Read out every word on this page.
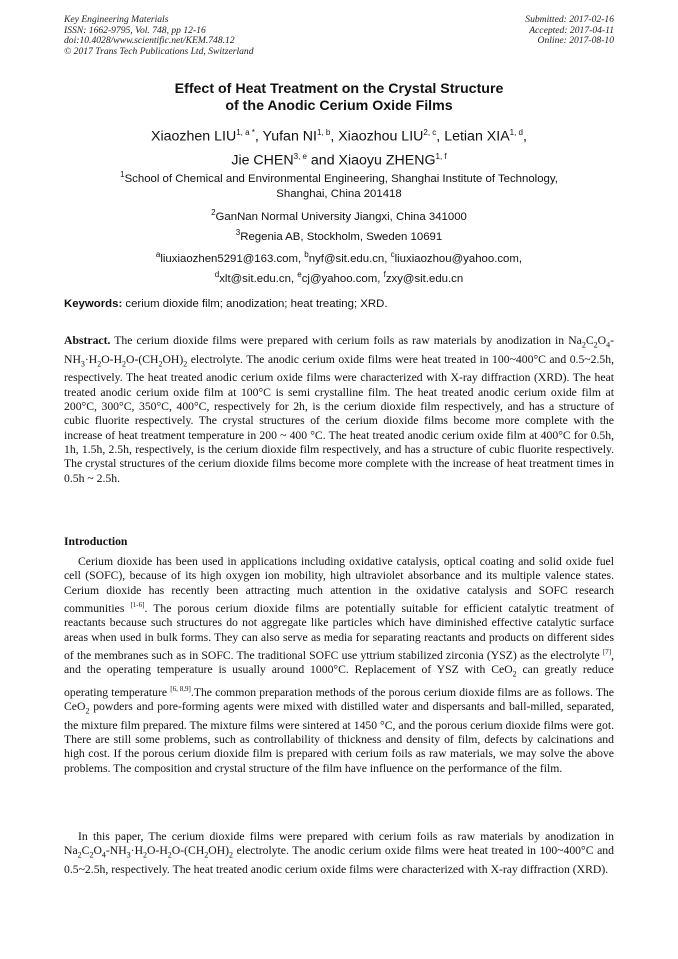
Key Engineering Materials
ISSN: 1662-9795, Vol. 748, pp 12-16
doi:10.4028/www.scientific.net/KEM.748.12
© 2017 Trans Tech Publications Ltd, Switzerland
Submitted: 2017-02-16
Accepted: 2017-04-11
Online: 2017-08-10
Effect of Heat Treatment on the Crystal Structure
of the Anodic Cerium Oxide Films
Xiaozhen $LIU^{1, a *}$, Yufan NI$^{1, b}$, Xiaozhou LIU$^{2, c}$, Letian XIA$^{1, d}$,
Jie CHEN$^{3, e}$ and Xiaoyu ZHENG$^{1, f}$
$^1$School of Chemical and Environmental Engineering, Shanghai Institute of Technology,
Shanghai, China 201418
$^2$GanNan Normal University Jiangxi, China 341000
$^3$Regenia AB, Stockholm, Sweden 10691
$^a$liuxiaozhen5291@163.com, $^b$nyf@sit.edu.cn, $^c$liuxiaozhou@yahoo.com,
$^d$xlt@sit.edu.cn, $^e$cj@yahoo.com, $^f$zxy@sit.edu.cn
Keywords: cerium dioxide film; anodization; heat treating; XRD.
Abstract. The cerium dioxide films were prepared with cerium foils as raw materials by anodization in $Na_2C_2O_4-NH_3\cdot H_2O-H_2O-(CH_2OH)_2$ electrolyte. The anodic cerium oxide films were heat treated in 100~400°C and 0.5~2.5h, respectively. The heat treated anodic cerium oxide films were characterized with X-ray diffraction (XRD). The heat treated anodic cerium oxide film at 100°C is semi crystalline film. The heat treated anodic cerium oxide film at 200°C, 300°C, 350°C, 400°C, respectively for 2h, is the cerium dioxide film respectively, and has a structure of cubic fluorite respectively. The crystal structures of the cerium dioxide films become more complete with the increase of heat treatment temperature in 200 ~ 400 °C. The heat treated anodic cerium oxide film at 400°C for 0.5h, 1h, 1.5h, 2.5h, respectively, is the cerium dioxide film respectively, and has a structure of cubic fluorite respectively. The crystal structures of the cerium dioxide films become more complete with the increase of heat treatment times in 0.5h ~ 2.5h.
Introduction
Cerium dioxide has been used in applications including oxidative catalysis, optical coating and solid oxide fuel cell (SOFC), because of its high oxygen ion mobility, high ultraviolet absorbance and its multiple valence states. Cerium dioxide has recently been attracting much attention in the oxidative catalysis and SOFC research communities [1-6]. The porous cerium dioxide films are potentially suitable for efficient catalytic treatment of reactants because such structures do not aggregate like particles which have diminished effective catalytic surface areas when used in bulk forms. They can also serve as media for separating reactants and products on different sides of the membranes such as in SOFC. The traditional SOFC use yttrium stabilized zirconia (YSZ) as the electrolyte [7], and the operating temperature is usually around 1000°C. Replacement of YSZ with CeO$_2$ can greatly reduce operating temperature [6, 8,9].The common preparation methods of the porous cerium dioxide films are as follows. The CeO$_2$ powders and pore-forming agents were mixed with distilled water and dispersants and ball-milled, separated, the mixture film prepared. The mixture films were sintered at 1450 °C, and the porous cerium dioxide films were got. There are still some problems, such as controllability of thickness and density of film, defects by calcinations and high cost. If the porous cerium dioxide film is prepared with cerium foils as raw materials, we may solve the above problems. The composition and crystal structure of the film have influence on the performance of the film.
In this paper, The cerium dioxide films were prepared with cerium foils as raw materials by anodization in $Na_2C_2O_4-NH_3\cdot H_2O-H_2O-(CH_2OH)_2$ electrolyte. The anodic cerium oxide films were heat treated in 100~400°C and 0.5~2.5h, respectively. The heat treated anodic cerium oxide films were characterized with X-ray diffraction (XRD).
